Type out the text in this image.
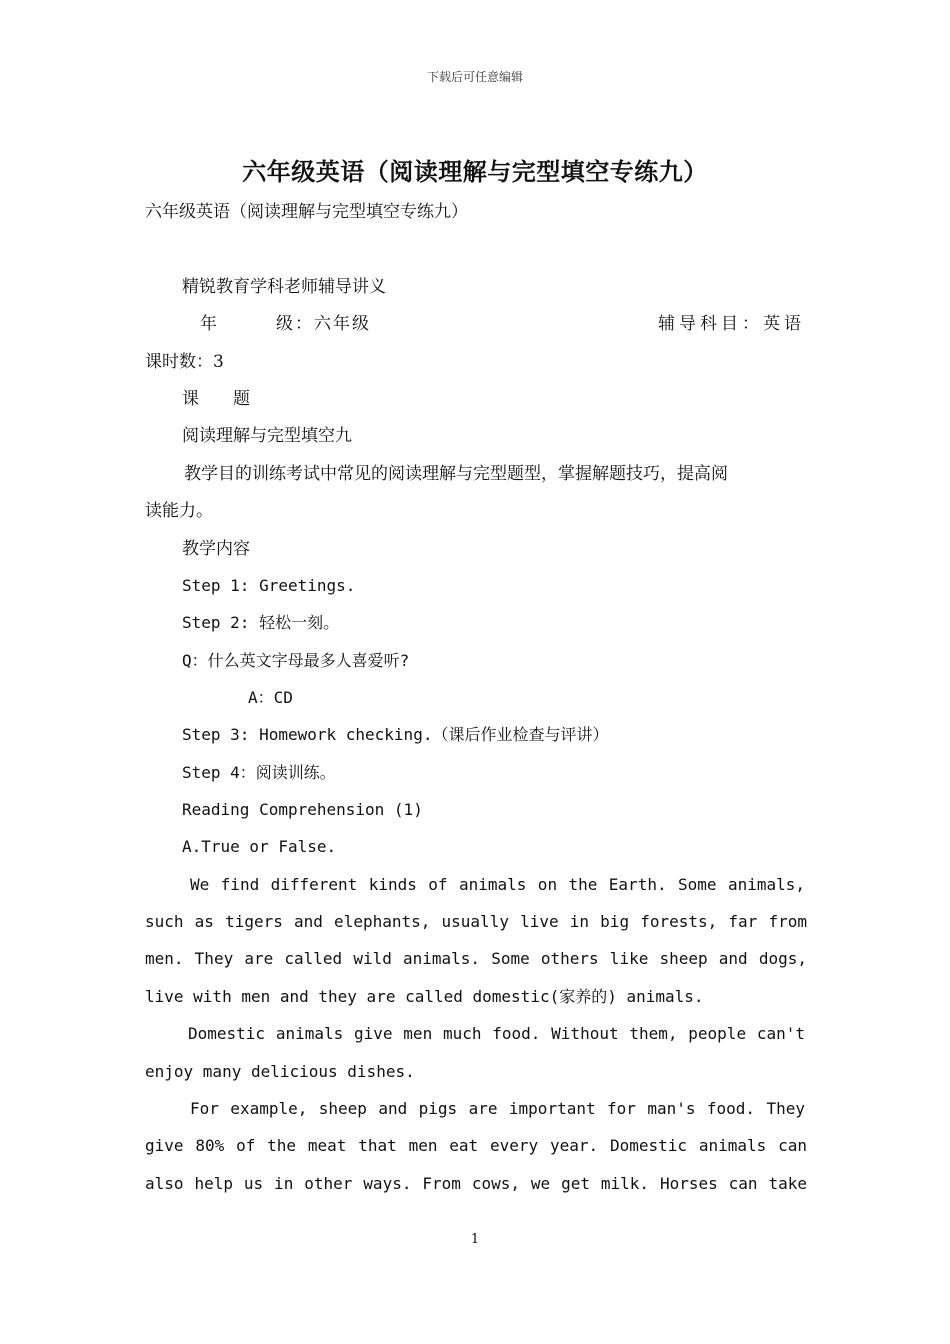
下载后可任意编辑
六年级英语（阅读理解与完型填空专练九）
六年级英语（阅读理解与完型填空专练九）
精锐教育学科老师辅导讲义
年　　　级：六年级	辅导科目：英语
课时数：3
课　　题
阅读理解与完型填空九
教学目的训练考试中常见的阅读理解与完型题型，掌握解题技巧，提高阅
读能力。
教学内容
Step 1: Greetings.
Step 2: 轻松一刻。
Q：什么英文字母最多人喜爱听?
A：CD
Step 3: Homework checking.（课后作业检查与评讲）
Step 4：阅读训练。
Reading Comprehension (1)
A.True or False.
We find different kinds of animals on the Earth. Some animals,
such as tigers and elephants, usually live in big forests, far from
men. They are called wild animals. Some others like sheep and dogs,
live with men and they are called domestic(家养的) animals.
Domestic animals give men much food. Without them, people can't
enjoy many delicious dishes.
For example, sheep and pigs are important for man's food. They
give 80% of the meat that men eat every year. Domestic animals can
also help us in other ways. From cows, we get milk. Horses can take
1
